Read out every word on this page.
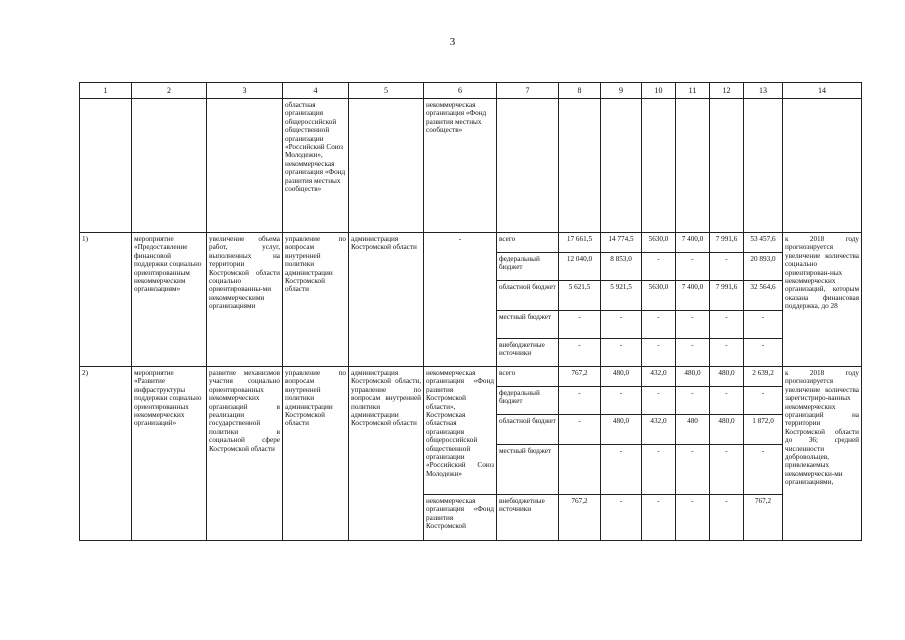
3
1	2	3	4	5	6	7	8	9	10	11	12	13	14
			областная организация общероссийской общественной организации «Российский Союз Молодежи», некоммерческая организация «Фонд развития местных сообществ»		некоммерческая организация «Фонд развития местных сообществ»								
1)	мероприятие «Предоставление финансовой поддержки социально ориентированным некоммерческим организациям»	увеличение объема работ, услуг, выполненных на территории Костромской области социально ориентированны-ми некоммерческими организациями	управление по вопросам внутренней политики администрации Костромской области	администрация Костромской области	-	всего	17 661,5	14 774,5	5630,0	7 400,0	7 991,6	53 457,6	к 2018 году прогнозируется увеличение количества социально ориентирован-ных некоммерческих организаций, которым оказана финансовая поддержка, до 28
						федеральный бюджет	12 040,0	8 853,0	-	-	-	20 893,0	
						областной бюджет	5 621,5	5 921,5	5630,0	7 400,0	7 991,6	32 564,6	
						местный бюджет	-	-	-	-	-	-	
						внебюджетные источники	-	-	-	-	-	-	
2)	мероприятие «Развитие инфраструктуры поддержки социально ориентированных некоммерческих организаций»	развитие механизмов участия социально ориентированных некоммерческих организаций в реализации государственной политики в социальной сфере Костромской области	управление по вопросам внутренней политики администрации Костромской области	администрация Костромской области, управление по вопросам внутренней политики администрации Костромской области	некоммерческая организация «Фонд развития Костромской области», Костромская областная организация общероссийской общественной организации «Российский Союз Молодежи»	всего	767,2	480,0	432,0	480,0	480,0	2 639,2	к 2018 году прогнозируется увеличение количества зарегистриро-ванных некоммерческих организаций на территории Костромской области до 36; средней численности добровольцев, привлекаемых некоммерчески-ми организациями,
						федеральный бюджет	-	-	-	-	-	-	
						областной бюджет	-	480,0	432,0	480	480,0	1 872,0	
						местный бюджет		-	-	-	-	-	
					некоммерческая организация «Фонд развития Костромской	внебюджетные источники	767,2	-	-	-	-	767,2	
